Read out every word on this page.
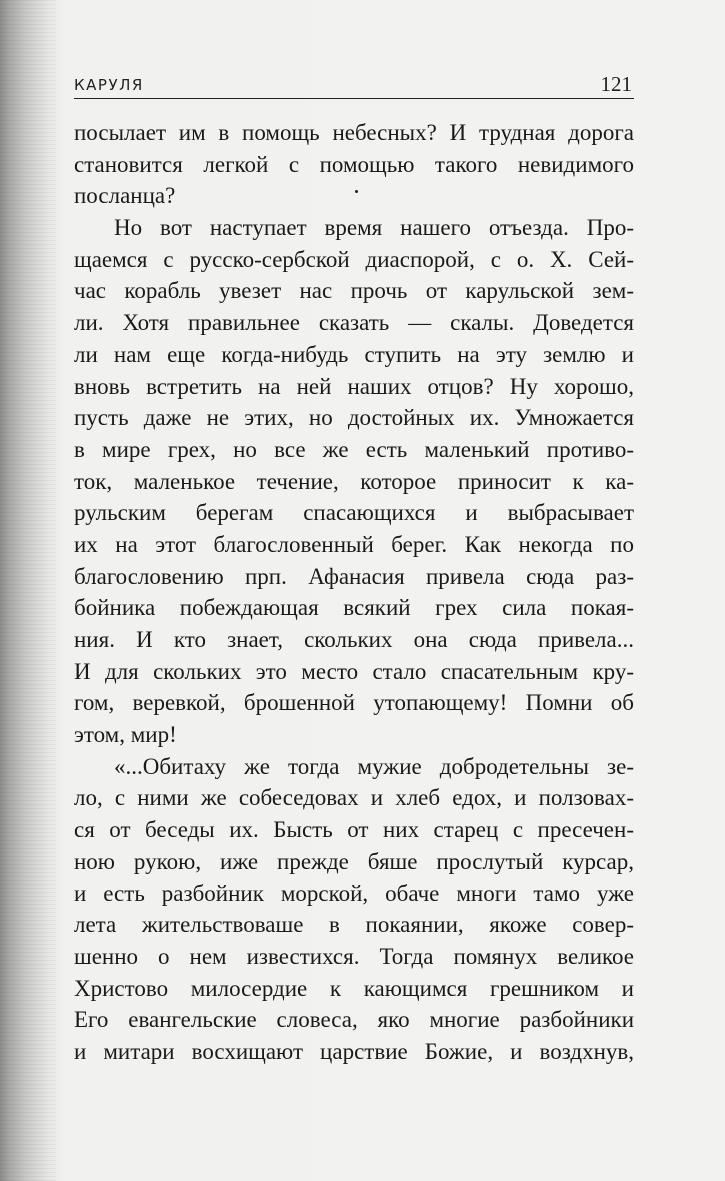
КАРУЛЯ	121
посылает им в помощь небесных? И трудная дорога
становится легкой с помощью такого невидимого
посланца?
Но вот наступает время нашего отъезда. Про-
щаемся с русско-сербской диаспорой, с о. Х. Сей-
час корабль увезет нас прочь от карульской зем-
ли. Хотя правильнее сказать — скалы. Доведется
ли нам еще когда-нибудь ступить на эту землю и
вновь встретить на ней наших отцов? Ну хорошо,
пусть даже не этих, но достойных их. Умножается
в мире грех, но все же есть маленький противо-
ток, маленькое течение, которое приносит к ка-
рульским берегам спасающихся и выбрасывает
их на этот благословенный берег. Как некогда по
благословению прп. Афанасия привела сюда раз-
бойника побеждающая всякий грех сила покая-
ния. И кто знает, скольких она сюда привела...
И для скольких это место стало спасательным кру-
гом, веревкой, брошенной утопающему! Помни об
этом, мир!
«...Обитаху же тогда мужие добродетельны зе-
ло, с ними же собеседовах и хлеб едох, и ползовах-
ся от беседы их. Бысть от них старец с пресечен-
ною рукою, иже прежде бяше прослутый курсар,
и есть разбойник морской, обаче многи тамо уже
лета жительствоваше в покаянии, якоже совер-
шенно о нем известихся. Тогда помянух великое
Христово милосердие к кающимся грешником и
Его евангельские словеса, яко многие разбойники
и митари восхищают царствие Божие, и воздхнув,
